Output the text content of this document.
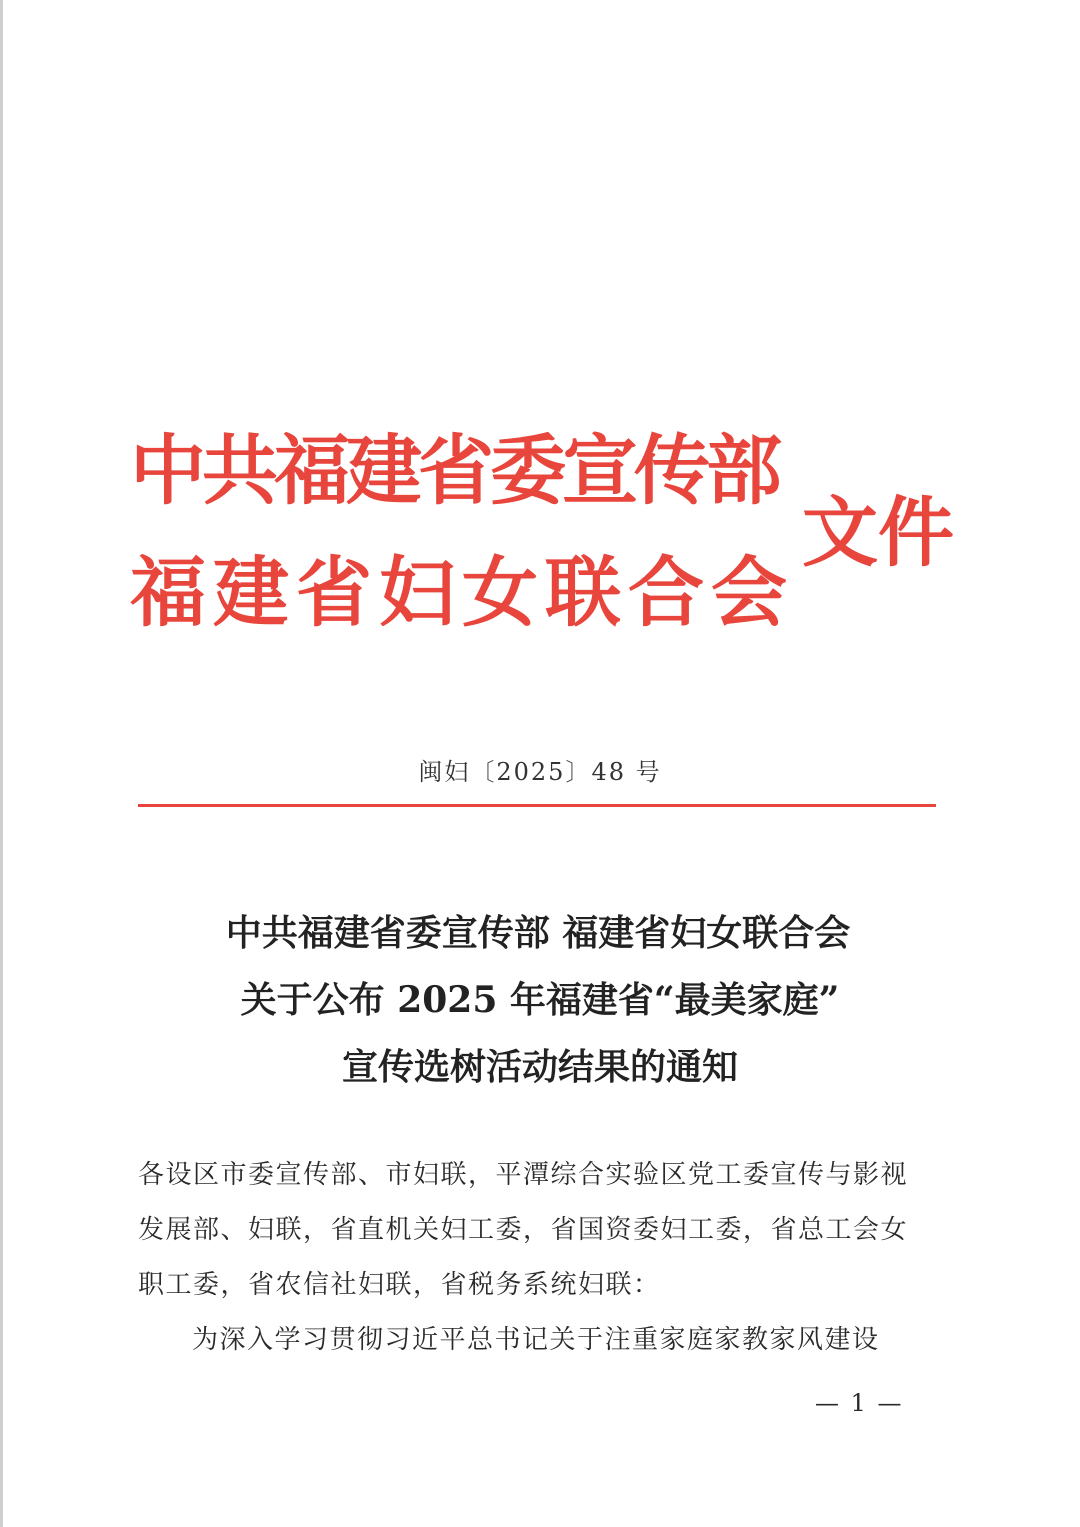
中共福建省委宣传部
福建省妇女联合会
文件
闽妇〔2025〕48 号
中共福建省委宣传部 福建省妇女联合会
关于公布 2025 年福建省“最美家庭”
宣传选树活动结果的通知
各设区市委宣传部、市妇联，平潭综合实验区党工委宣传与影视
发展部、妇联，省直机关妇工委，省国资委妇工委，省总工会女
职工委，省农信社妇联，省税务系统妇联：
为深入学习贯彻习近平总书记关于注重家庭家教家风建设
— 1 —
